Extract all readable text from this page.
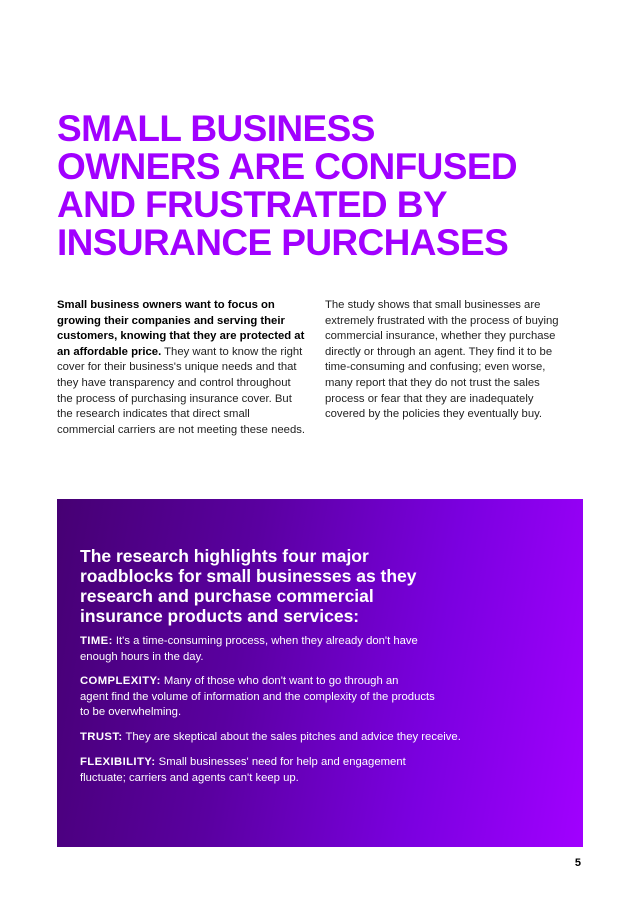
SMALL BUSINESS
OWNERS ARE CONFUSED
AND FRUSTRATED BY
INSURANCE PURCHASES
Small business owners want to focus on growing their companies and serving their customers, knowing that they are protected at an affordable price. They want to know the right cover for their business's unique needs and that they have transparency and control throughout the process of purchasing insurance cover. But the research indicates that direct small commercial carriers are not meeting these needs.
The study shows that small businesses are extremely frustrated with the process of buying commercial insurance, whether they purchase directly or through an agent. They find it to be time-consuming and confusing; even worse, many report that they do not trust the sales process or fear that they are inadequately covered by the policies they eventually buy.
The research highlights four major
roadblocks for small businesses as they
research and purchase commercial
insurance products and services:
TIME: It's a time-consuming process, when they already don't have
enough hours in the day.
COMPLEXITY: Many of those who don't want to go through an
agent find the volume of information and the complexity of the products
to be overwhelming.
TRUST: They are skeptical about the sales pitches and advice they receive.
FLEXIBILITY: Small businesses' need for help and engagement
fluctuate; carriers and agents can't keep up.
5
